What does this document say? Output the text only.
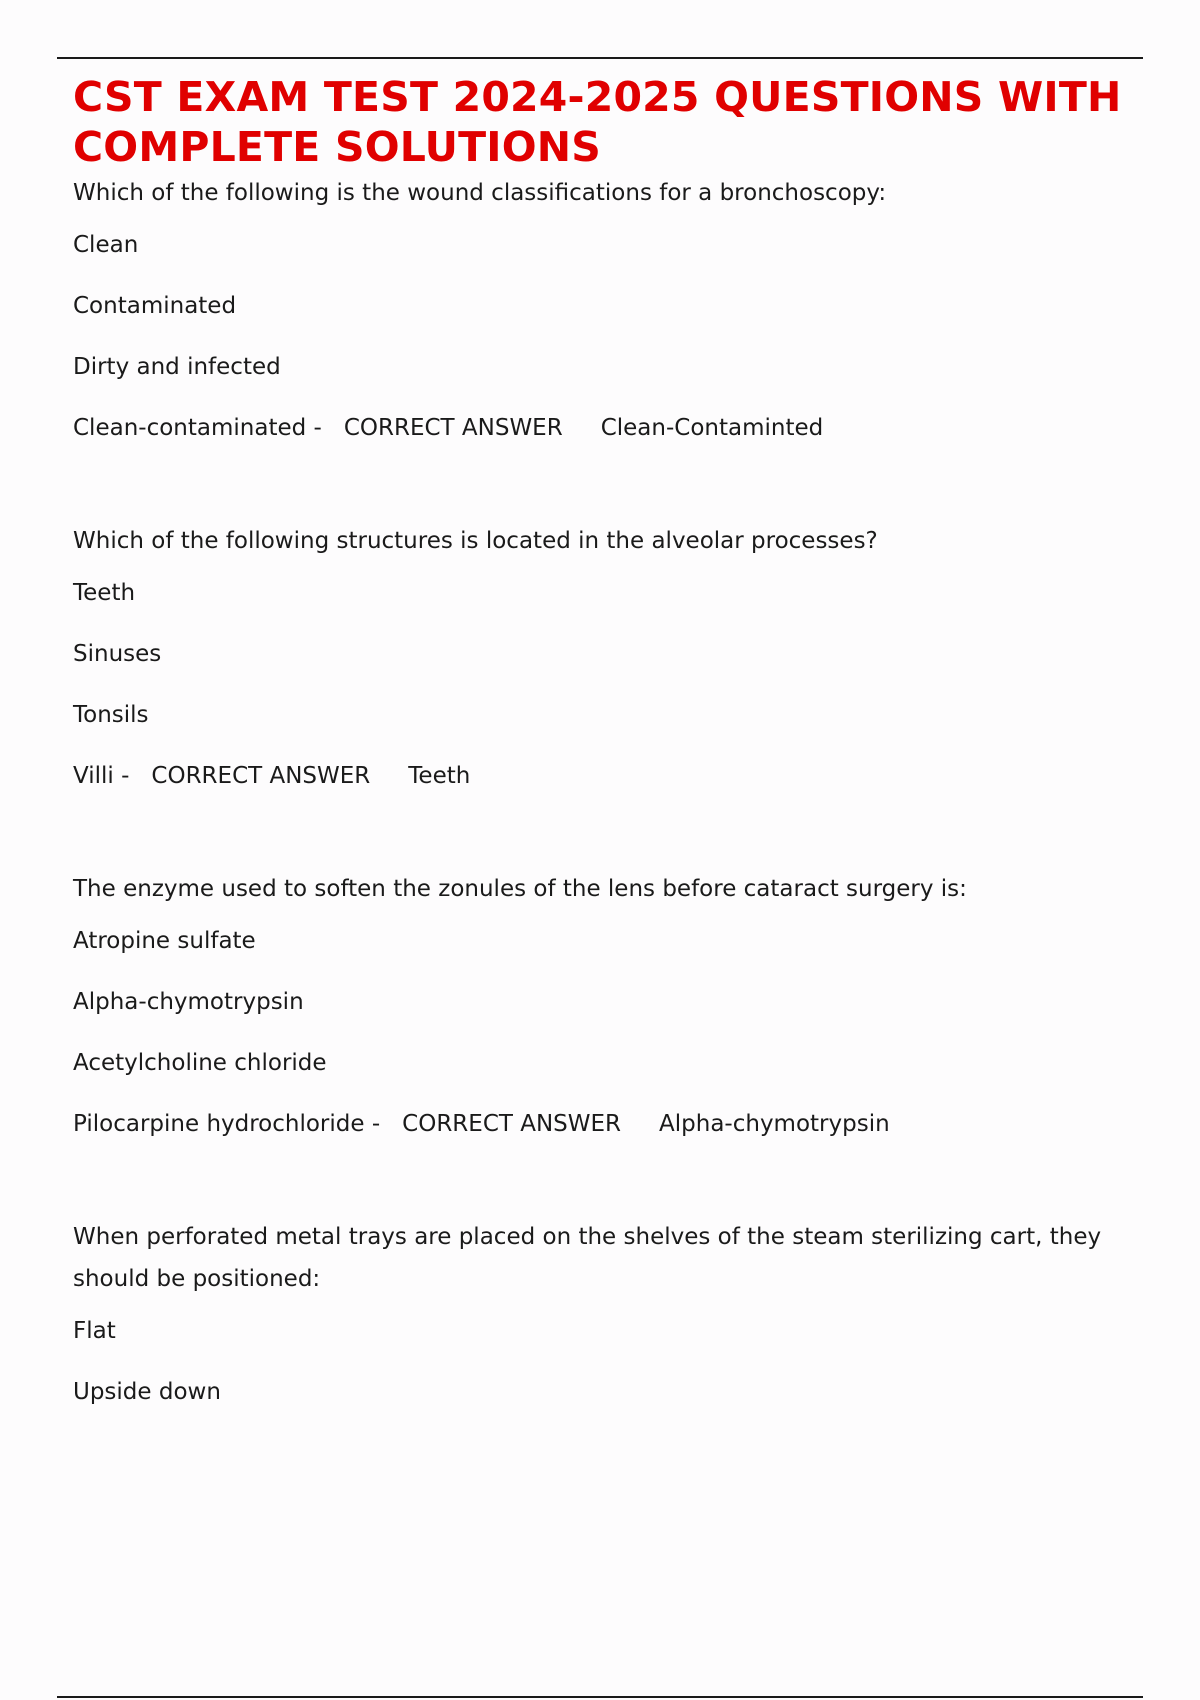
CST EXAM TEST 2024-2025 QUESTIONS WITH COMPLETE SOLUTIONS

Which of the following is the wound classifications for a bronchoscopy:

Clean

Contaminated

Dirty and infected

Clean-contaminated - CORRECT ANSWER Clean-Contaminted

Which of the following structures is located in the alveolar processes?

Teeth

Sinuses

Tonsils

Villi - CORRECT ANSWER Teeth

The enzyme used to soften the zonules of the lens before cataract surgery is:

Atropine sulfate

Alpha-chymotrypsin

Acetylcholine chloride

Pilocarpine hydrochloride - CORRECT ANSWER Alpha-chymotrypsin

When perforated metal trays are placed on the shelves of the steam sterilizing cart, they should be positioned:

Flat

Upside down
